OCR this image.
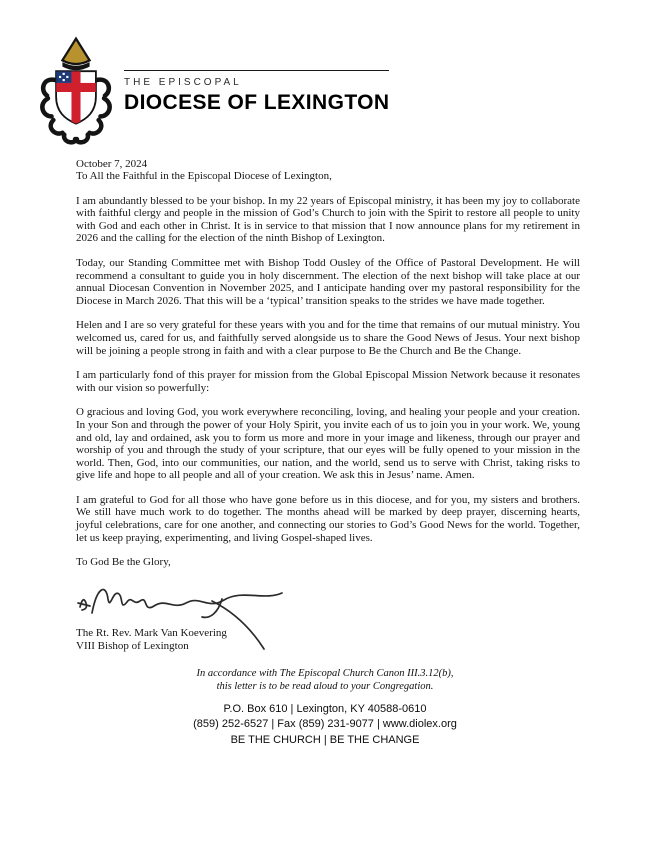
THE EPISCOPAL
DIOCESE OF LEXINGTON
October 7, 2024

To All the Faithful in the Episcopal Diocese of Lexington,

I am abundantly blessed to be your bishop. In my 22 years of Episcopal ministry, it has been my joy to collaborate with faithful clergy and people in the mission of God’s Church to join with the Spirit to restore all people to unity with God and each other in Christ. It is in service to that mission that I now announce plans for my retirement in 2026 and the calling for the election of the ninth Bishop of Lexington.

Today, our Standing Committee met with Bishop Todd Ousley of the Office of Pastoral Development. He will recommend a consultant to guide you in holy discernment. The election of the next bishop will take place at our annual Diocesan Convention in November 2025, and I anticipate handing over my pastoral responsibility for the Diocese in March 2026. That this will be a ‘typical’ transition speaks to the strides we have made together.

Helen and I are so very grateful for these years with you and for the time that remains of our mutual ministry. You welcomed us, cared for us, and faithfully served alongside us to share the Good News of Jesus. Your next bishop will be joining a people strong in faith and with a clear purpose to Be the Church and Be the Change.

I am particularly fond of this prayer for mission from the Global Episcopal Mission Network because it resonates with our vision so powerfully:

O gracious and loving God, you work everywhere reconciling, loving, and healing your people and your creation. In your Son and through the power of your Holy Spirit, you invite each of us to join you in your work. We, young and old, lay and ordained, ask you to form us more and more in your image and likeness, through our prayer and worship of you and through the study of your scripture, that our eyes will be fully opened to your mission in the world. Then, God, into our communities, our nation, and the world, send us to serve with Christ, taking risks to give life and hope to all people and all of your creation. We ask this in Jesus’ name. Amen.

I am grateful to God for all those who have gone before us in this diocese, and for you, my sisters and brothers. We still have much work to do together. The months ahead will be marked by deep prayer, discerning hearts, joyful celebrations, care for one another, and connecting our stories to God’s Good News for the world. Together, let us keep praying, experimenting, and living Gospel-shaped lives.

To God Be the Glory,

The Rt. Rev. Mark Van Koevering
VIII Bishop of Lexington
In accordance with The Episcopal Church Canon III.3.12(b),
this letter is to be read aloud to your Congregation.
P.O. Box 610 | Lexington, KY 40588-0610
(859) 252-6527 | Fax (859) 231-9077 | www.diolex.org
BE THE CHURCH | BE THE CHANGE
